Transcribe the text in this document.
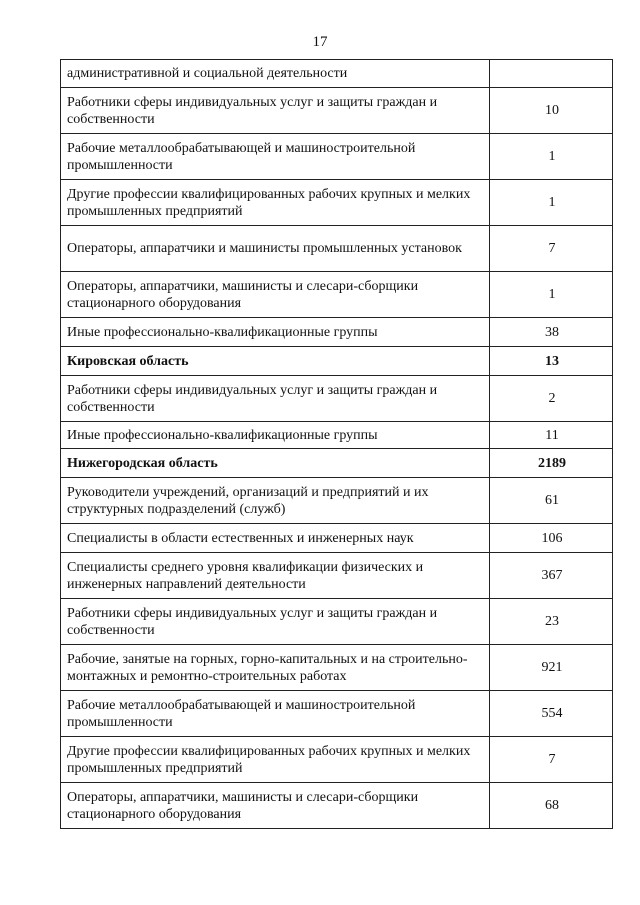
17
административной и социальной деятельности	
Работники сферы индивидуальных услуг и защиты граждан и собственности	10
Рабочие металлообрабатывающей и машиностроительной промышленности	1
Другие профессии квалифицированных рабочих крупных и мелких промышленных предприятий	1
Операторы, аппаратчики и машинисты промышленных установок	7
Операторы, аппаратчики, машинисты и слесари-сборщики стационарного оборудования	1
Иные профессионально-квалификационные группы	38
Кировская область	13
Работники сферы индивидуальных услуг и защиты граждан и собственности	2
Иные профессионально-квалификационные группы	11
Нижегородская область	2189
Руководители учреждений, организаций и предприятий и их структурных подразделений (служб)	61
Специалисты в области естественных и инженерных наук	106
Специалисты среднего уровня квалификации физических и инженерных направлений деятельности	367
Работники сферы индивидуальных услуг и защиты граждан и собственности	23
Рабочие, занятые на горных, горно-капитальных и на строительно-монтажных и ремонтно-строительных работах	921
Рабочие металлообрабатывающей и машиностроительной промышленности	554
Другие профессии квалифицированных рабочих крупных и мелких промышленных предприятий	7
Операторы, аппаратчики, машинисты и слесари-сборщики стационарного оборудования	68
